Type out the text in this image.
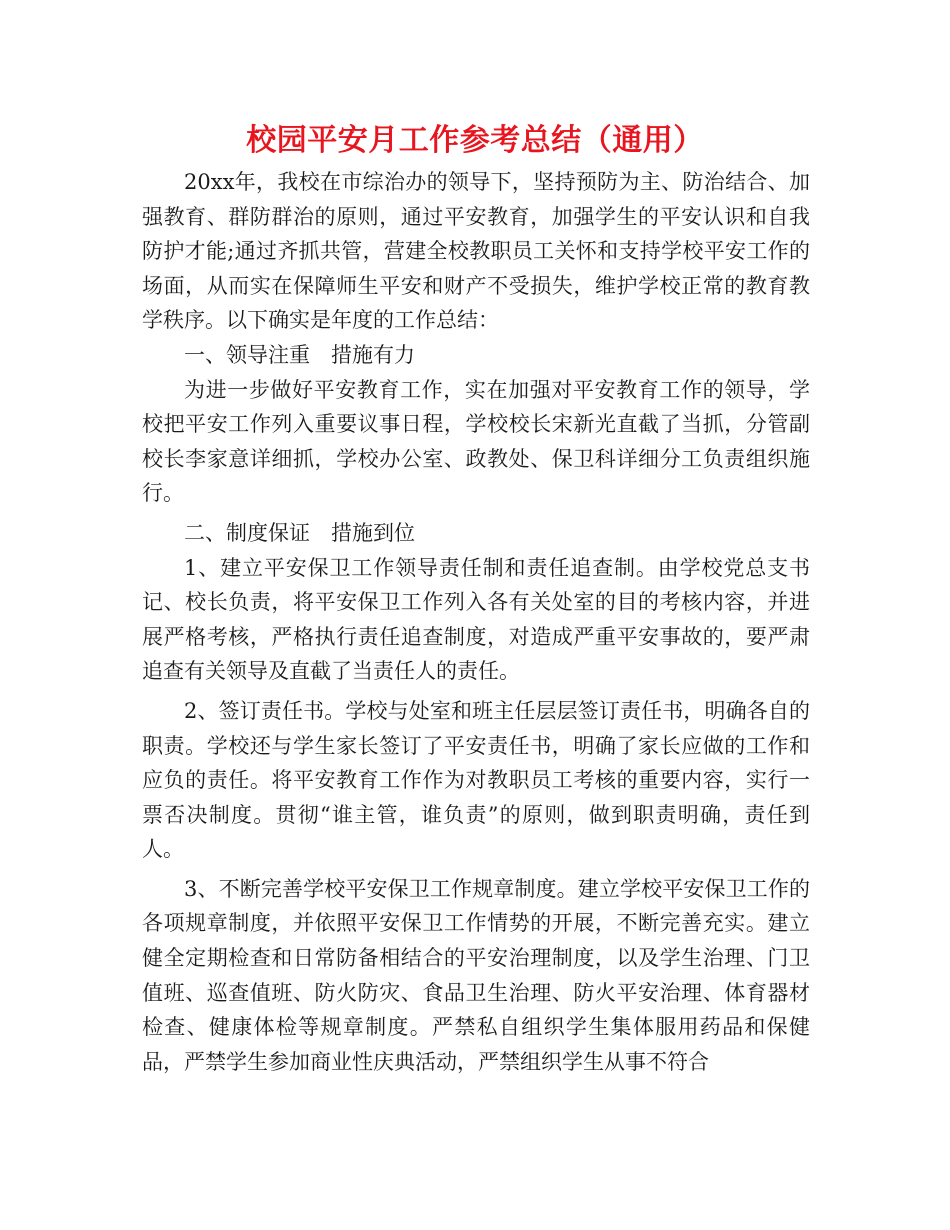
校园平安月工作参考总结（通用）

20xx年，我校在市综治办的领导下，坚持预防为主、防治结合、加强教育、群防群治的原则，通过平安教育，加强学生的平安认识和自我防护才能;通过齐抓共管，营建全校教职员工关怀和支持学校平安工作的场面，从而实在保障师生平安和财产不受损失，维护学校正常的教育教学秩序。以下确实是年度的工作总结：

一、领导注重　措施有力

为进一步做好平安教育工作，实在加强对平安教育工作的领导，学校把平安工作列入重要议事日程，学校校长宋新光直截了当抓，分管副校长李家意详细抓，学校办公室、政教处、保卫科详细分工负责组织施行。

二、制度保证　措施到位

1、建立平安保卫工作领导责任制和责任追查制。由学校党总支书记、校长负责，将平安保卫工作列入各有关处室的目的考核内容，并进展严格考核，严格执行责任追查制度，对造成严重平安事故的，要严肃追查有关领导及直截了当责任人的责任。

2、签订责任书。学校与处室和班主任层层签订责任书，明确各自的职责。学校还与学生家长签订了平安责任书，明确了家长应做的工作和应负的责任。将平安教育工作作为对教职员工考核的重要内容，实行一票否决制度。贯彻“谁主管，谁负责”的原则，做到职责明确，责任到人。

3、不断完善学校平安保卫工作规章制度。建立学校平安保卫工作的各项规章制度，并依照平安保卫工作情势的开展，不断完善充实。建立健全定期检查和日常防备相结合的平安治理制度，以及学生治理、门卫值班、巡查值班、防火防灾、食品卫生治理、防火平安治理、体育器材检查、健康体检等规章制度。严禁私自组织学生集体服用药品和保健品，严禁学生参加商业性庆典活动，严禁组织学生从事不符合
